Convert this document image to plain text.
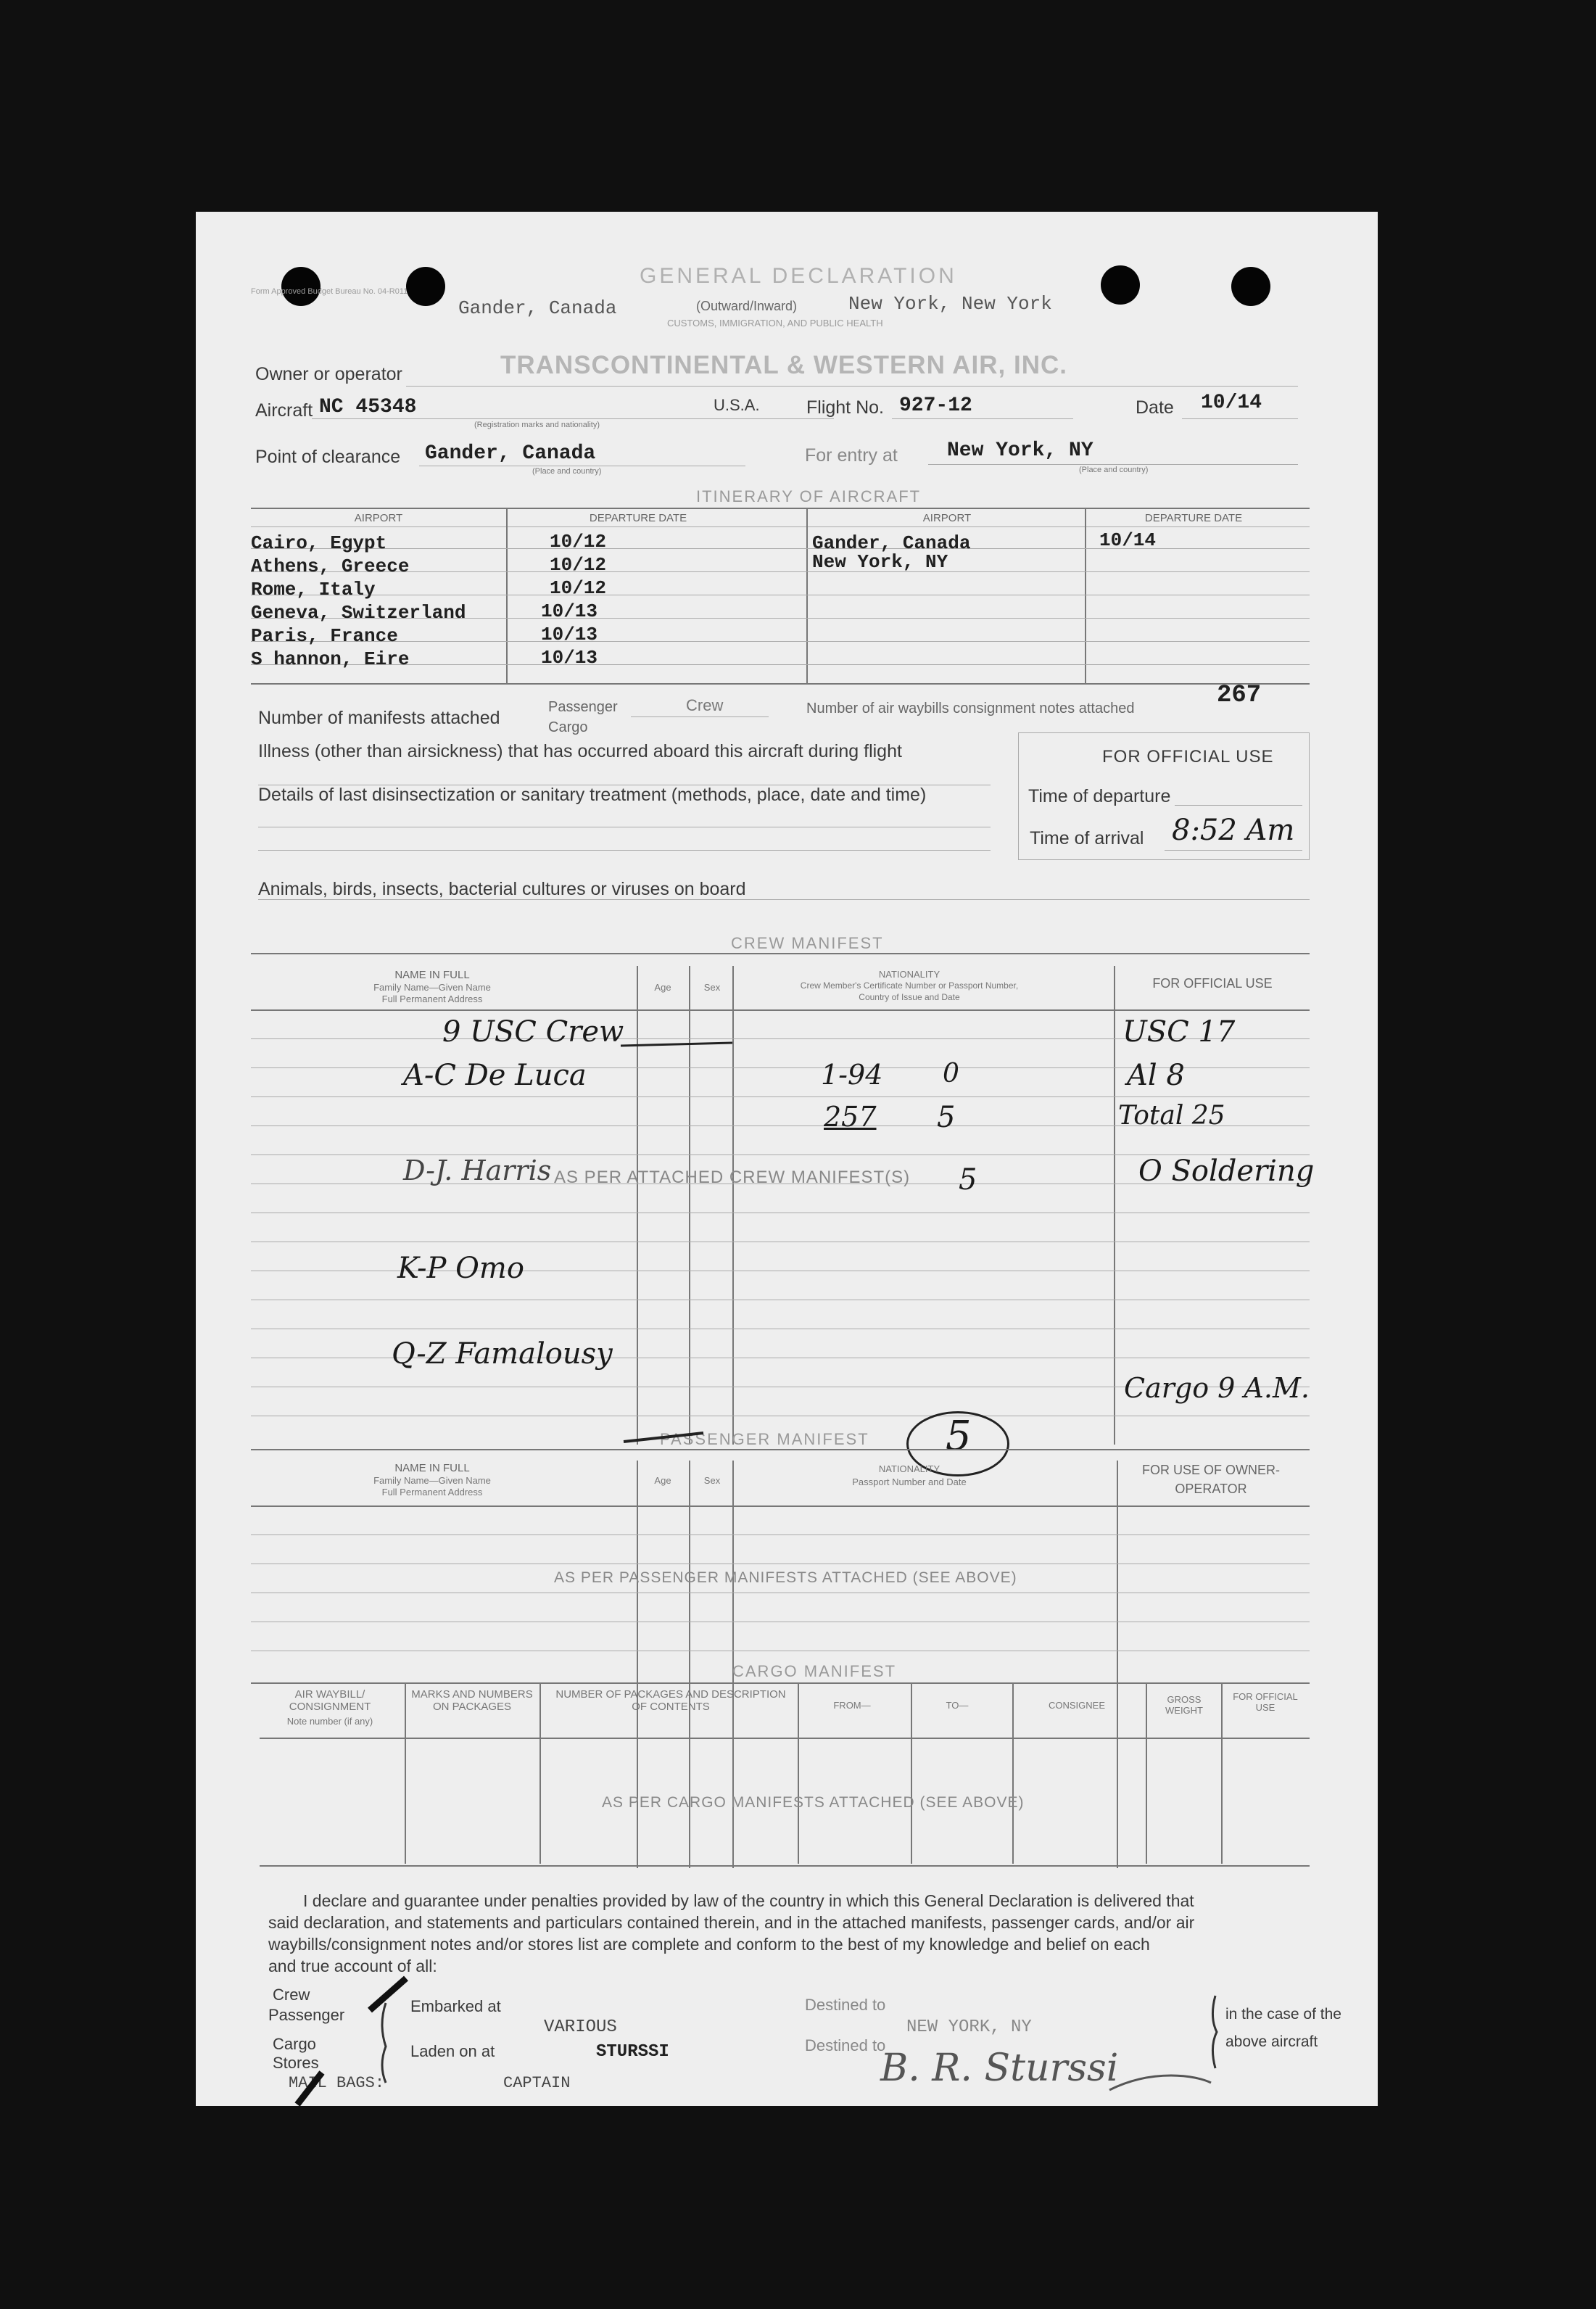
Form Approved Budget Bureau No. 04-R011
GENERAL DECLARATION
Gander, Canada	(Outward/Inward)	New York, New York
CUSTOMS, IMMIGRATION, AND PUBLIC HEALTH
TRANSCONTINENTAL & WESTERN AIR, INC.
Owner or operator
Aircraft NC 45348
(Registration marks and nationality)
U.S.A.	Flight No. 927-12	Date 10/14
Point of clearance Gander, Canada
(Place and country)
For entry at New York, NY
(Place and country)
ITINERARY OF AIRCRAFT
AIRPORT	DEPARTURE DATE	AIRPORT	DEPARTURE DATE
Cairo, Egypt	10/12
Athens, Greece	10/12
Rome, Italy	10/12
Geneva, Switzerland	10/13
Paris, France	10/13
S hannon, Eire	10/13
Gander, Canada	10/14
New York, NY
Number of manifests attached
Passenger	Crew
Cargo
Number of air waybills consignment notes attached	267
Illness (other than airsickness) that has occurred aboard this aircraft during flight
Details of last disinsectization or sanitary treatment (methods, place, date and time)
FOR OFFICIAL USE
Time of departure
Time of arrival 8:52 Am
Animals, birds, insects, bacterial cultures or viruses on board
CREW MANIFEST
NAME IN FULL
Family Name—Given Name
Full Permanent Address
Age	Sex
NATIONALITY
Crew Member's Certificate Number or Passport Number,
Country of Issue and Date
FOR OFFICIAL USE
9 USC Crew
A-C De Luca
D-J. Harris
K-P Omo
Q-Z Famalousy
1-94 0
257 5
5
AS PER ATTACHED CREW MANIFEST(S)
USC 17
Al 8
Total 25
O Soldering
Cargo 9 A.M.
PASSENGER MANIFEST 5
NAME IN FULL
Family Name—Given Name
Full Permanent Address
Age	Sex
NATIONALITY
Passport Number and Date
FOR USE OF OWNER-OPERATOR
AS PER PASSENGER MANIFESTS ATTACHED (SEE ABOVE)
CARGO MANIFEST
AIR WAYBILL/ CONSIGNMENT
Note number (if any)
MARKS AND NUMBERS ON PACKAGES
NUMBER OF PACKAGES AND DESCRIPTION OF CONTENTS	FROM—	TO—	CONSIGNEE
GROSS WEIGHT
FOR OFFICIAL USE
AS PER CARGO MANIFESTS ATTACHED (SEE ABOVE)
I declare and guarantee under penalties provided by law of the country in which this General Declaration is delivered that
said declaration, and statements and particulars contained therein, and in the attached manifests, passenger cards, and/or air
waybills/consignment notes and/or stores list are complete and conform to the best of my knowledge and belief on each
and true account of all:
Crew
Passenger
Cargo
Stores
Embarked at
VARIOUS
Laden on at	STURSSI
Destined to
Destined to
NEW YORK, NY
in the case of the
above aircraft
MAIL BAGS:	CAPTAIN	B. R. Sturssi
